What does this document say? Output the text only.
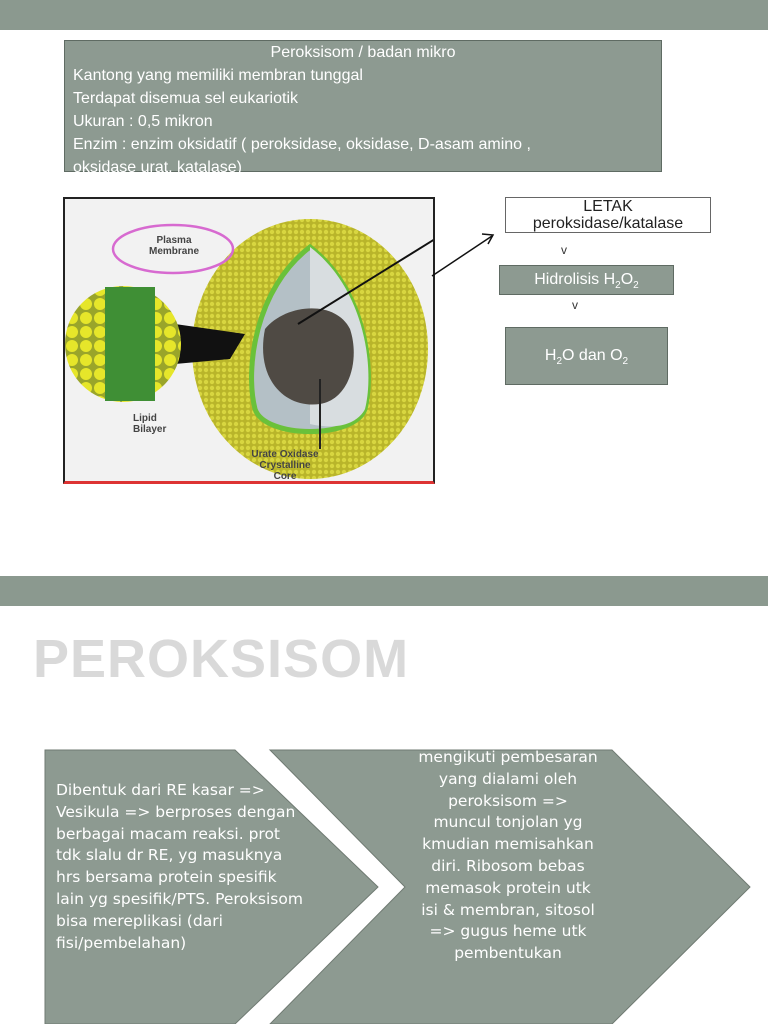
Peroksisom / badan mikro
Kantong yang memiliki membran tunggal
Terdapat disemua sel eukariotik
Ukuran : 0,5 mikron
Enzim : enzim oksidatif ( peroksidase, oksidase, D-asam amino ,
oksidase urat, katalase)
Plasma
Membrane
Lipid
Bilayer
Urate Oxidase
Crystalline
Core
LETAK
peroksidase/katalase
v
Hidrolisis $H_2O_2$
v
$H_2O$ dan $O_2$
PEROKSISOM
Dibentuk dari RE kasar => Vesikula => berproses dengan berbagai macam reaksi. prot tdk slalu dr RE, yg masuknya hrs bersama protein spesifik lain yg spesifik/PTS. Peroksisom bisa mereplikasi (dari fisi/pembelahan)
mengikuti pembesaran yang dialami oleh peroksisom => muncul tonjolan yg kmudian memisahkan diri. Ribosom bebas memasok protein utk isi & membran, sitosol => gugus heme utk pembentukan
